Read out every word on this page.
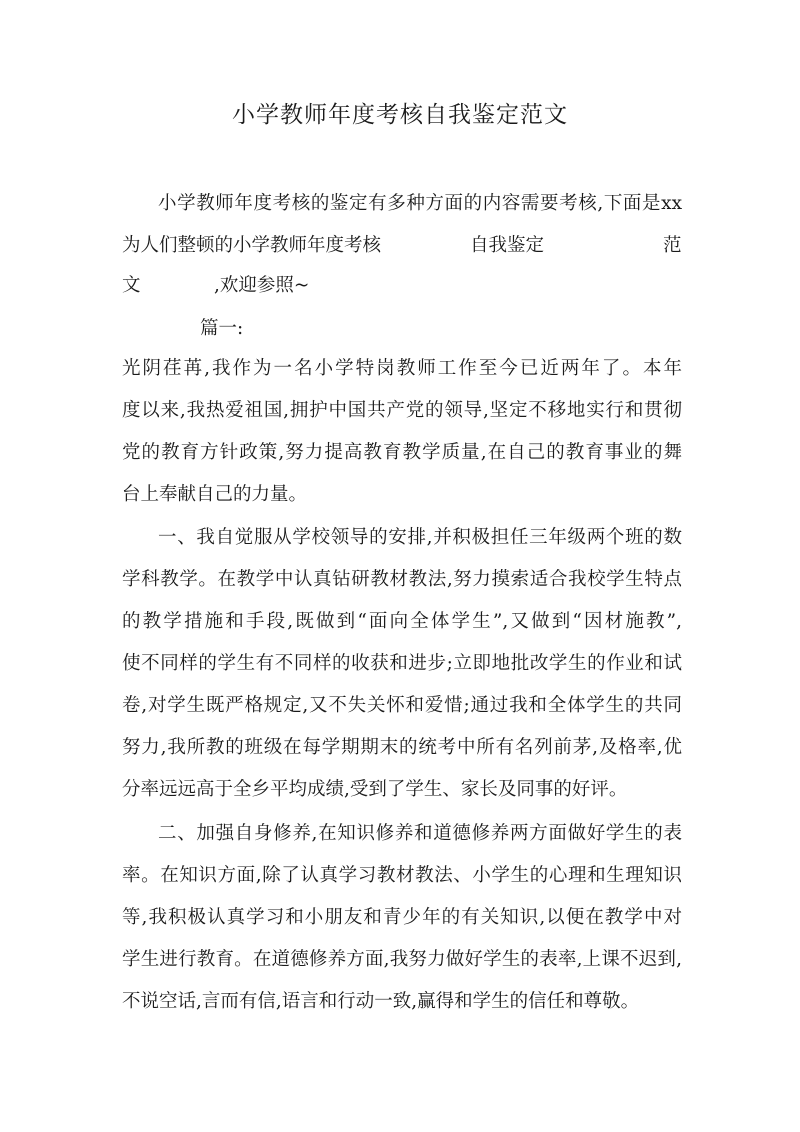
小学教师年度考核自我鉴定范文
小学教师年度考核的鉴定有多种方面的内容需要考核,下面是xx
为人们整顿的小学教师年度考核	自我鉴定	范
文	,欢迎参照~
篇一:
光阴荏苒,我作为一名小学特岗教师工作至今已近两年了。本年
度以来,我热爱祖国,拥护中国共产党的领导,坚定不移地实行和贯彻
党的教育方针政策,努力提高教育教学质量,在自己的教育事业的舞
台上奉献自己的力量。
一、我自觉服从学校领导的安排,并积极担任三年级两个班的数
学科教学。在教学中认真钻研教材教法,努力摸索适合我校学生特点
的教学措施和手段,既做到“面向全体学生”,又做到“因材施教”,
使不同样的学生有不同样的收获和进步;立即地批改学生的作业和试
卷,对学生既严格规定,又不失关怀和爱惜;通过我和全体学生的共同
努力,我所教的班级在每学期期末的统考中所有名列前茅,及格率,优
分率远远高于全乡平均成绩,受到了学生、家长及同事的好评。
二、加强自身修养,在知识修养和道德修养两方面做好学生的表
率。在知识方面,除了认真学习教材教法、小学生的心理和生理知识
等,我积极认真学习和小朋友和青少年的有关知识,以便在教学中对
学生进行教育。在道德修养方面,我努力做好学生的表率,上课不迟到,
不说空话,言而有信,语言和行动一致,赢得和学生的信任和尊敬。
